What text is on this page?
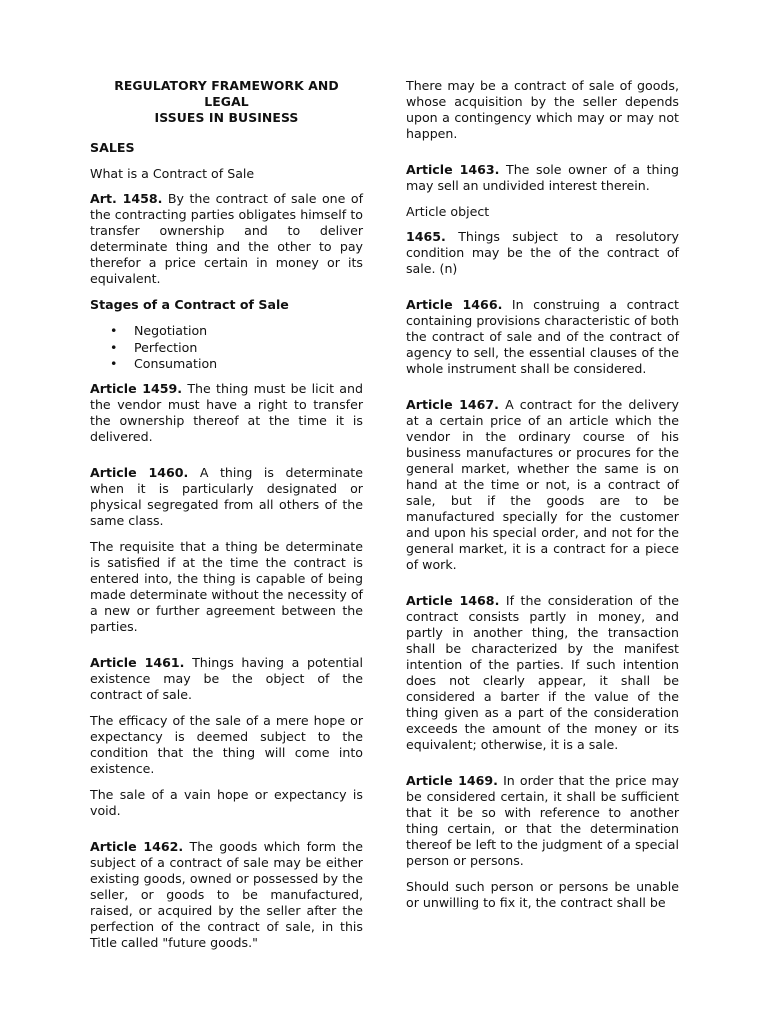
REGULATORY FRAMEWORK AND LEGAL
ISSUES IN BUSINESS
SALES
What is a Contract of Sale

Art. 1458. By the contract of sale one of the contracting parties obligates himself to transfer ownership and to deliver determinate thing and the other to pay therefor a price certain in money or its equivalent.

Stages of a Contract of Sale
• Negotiation
• Perfection
• Consumation

Article 1459. The thing must be licit and the vendor must have a right to transfer the ownership thereof at the time it is delivered.

Article 1460. A thing is determinate when it is particularly designated or physical segregated from all others of the same class.

The requisite that a thing be determinate is satisfied if at the time the contract is entered into, the thing is capable of being made determinate without the necessity of a new or further agreement between the parties.

Article 1461. Things having a potential existence may be the object of the contract of sale.

The efficacy of the sale of a mere hope or expectancy is deemed subject to the condition that the thing will come into existence.

The sale of a vain hope or expectancy is void.

Article 1462. The goods which form the subject of a contract of sale may be either existing goods, owned or possessed by the seller, or goods to be manufactured, raised, or acquired by the seller after the perfection of the contract of sale, in this Title called "future goods."

There may be a contract of sale of goods, whose acquisition by the seller depends upon a contingency which may or may not happen.

Article 1463. The sole owner of a thing may sell an undivided interest therein.

Article object

1465. Things subject to a resolutory condition may be the of the contract of sale. (n)

Article 1466. In construing a contract containing provisions characteristic of both the contract of sale and of the contract of agency to sell, the essential clauses of the whole instrument shall be considered.

Article 1467. A contract for the delivery at a certain price of an article which the vendor in the ordinary course of his business manufactures or procures for the general market, whether the same is on hand at the time or not, is a contract of sale, but if the goods are to be manufactured specially for the customer and upon his special order, and not for the general market, it is a contract for a piece of work.

Article 1468. If the consideration of the contract consists partly in money, and partly in another thing, the transaction shall be characterized by the manifest intention of the parties. If such intention does not clearly appear, it shall be considered a barter if the value of the thing given as a part of the consideration exceeds the amount of the money or its equivalent; otherwise, it is a sale.

Article 1469. In order that the price may be considered certain, it shall be sufficient that it be so with reference to another thing certain, or that the determination thereof be left to the judgment of a special person or persons.

Should such person or persons be unable or unwilling to fix it, the contract shall be
